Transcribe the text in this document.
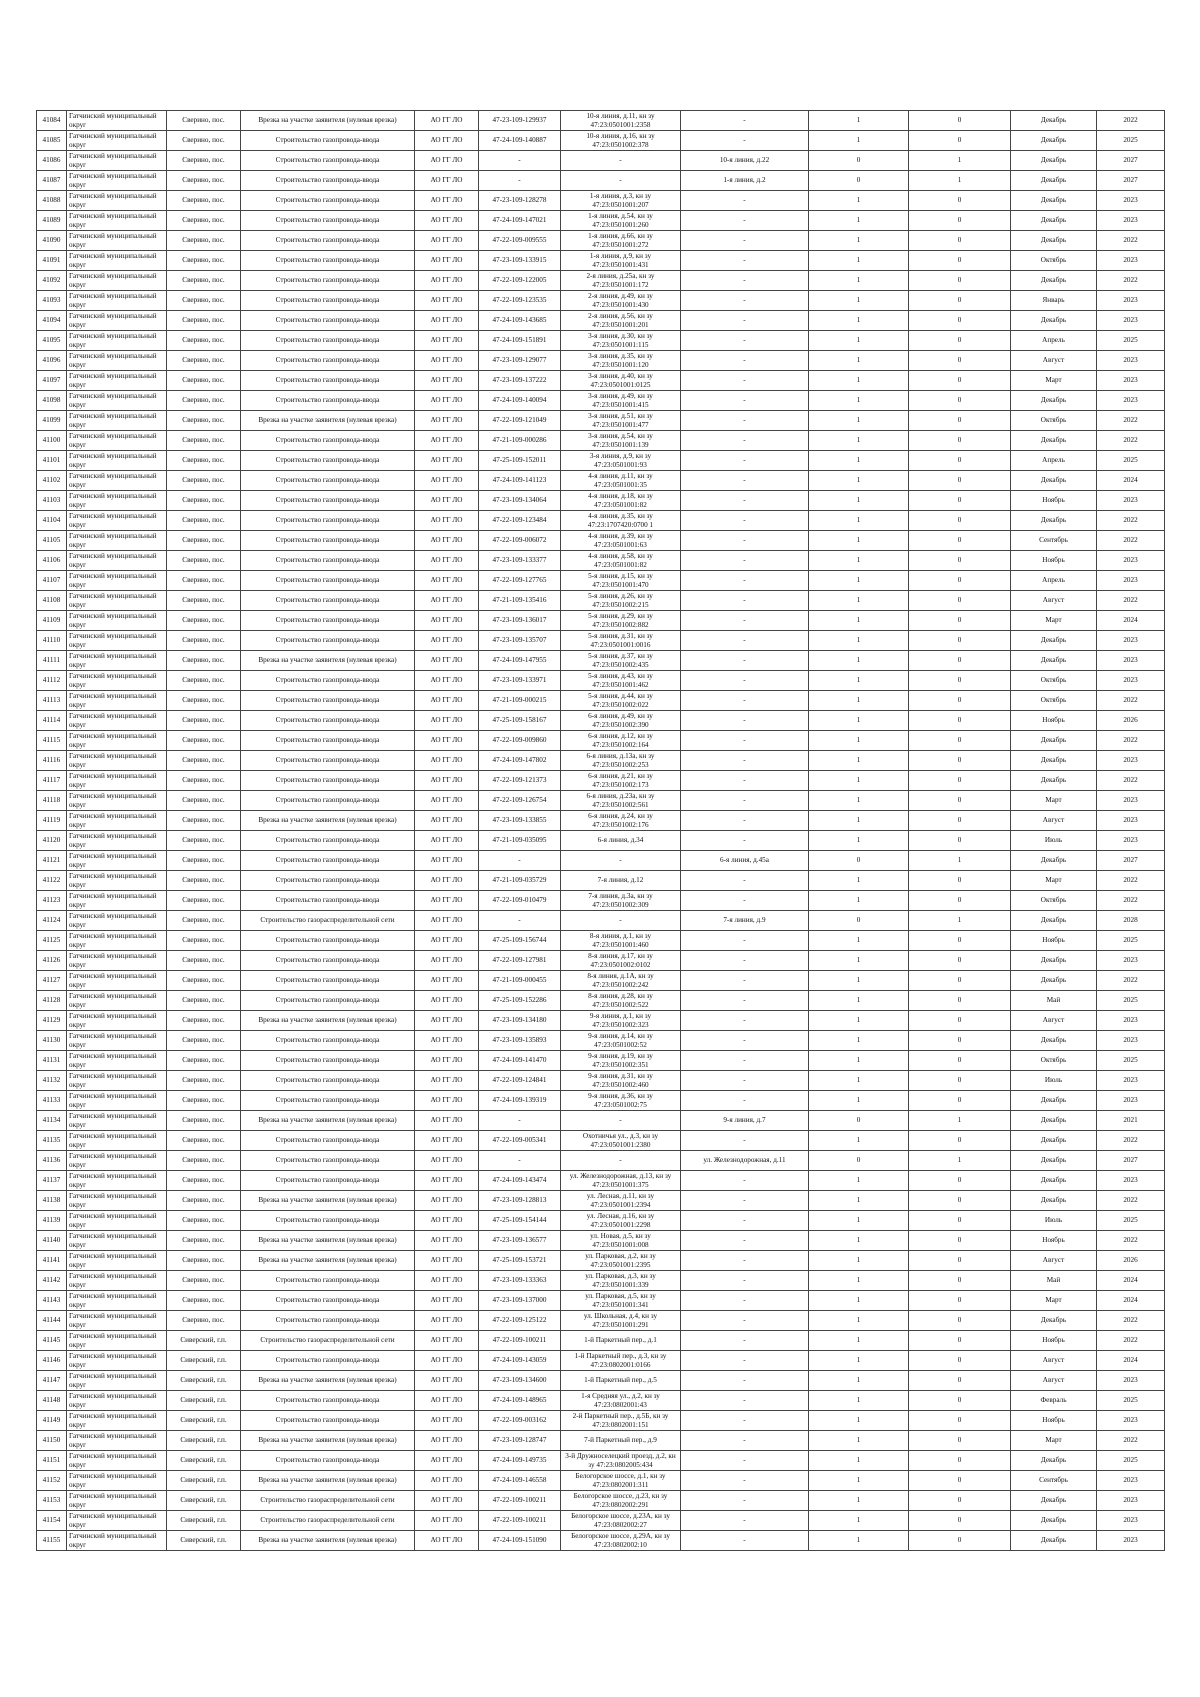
41084	Гатчинский муниципальный округ	Сверино, пос.	Врезка на участке заявителя (нулевая врезка)	АО ГГ ЛО	47-23-109-129937	10-я линия, д.11, кн зу 47:23:0501001:2358	-	1	0	Декабрь	2022
41085	Гатчинский муниципальный округ	Сверино, пос.	Строительство газопровода-ввода	АО ГГ ЛО	47-24-109-140887	10-я линия, д.16, кн зу 47:23:0501002:378	-	1	0	Декабрь	2025
41086	Гатчинский муниципальный округ	Сверино, пос.	Строительство газопровода-ввода	АО ГГ ЛО	-	-	10-я линия, д.22	0	1	Декабрь	2027
41087	Гатчинский муниципальный округ	Сверино, пос.	Строительство газопровода-ввода	АО ГГ ЛО	-	-	1-я линия, д.2	0	1	Декабрь	2027
41088	Гатчинский муниципальный округ	Сверино, пос.	Строительство газопровода-ввода	АО ГГ ЛО	47-23-109-128278	1-я линия, д.3, кн зу 47:23:0501001:207	-	1	0	Декабрь	2023
41089	Гатчинский муниципальный округ	Сверино, пос.	Строительство газопровода-ввода	АО ГГ ЛО	47-24-109-147021	1-я линия, д.54, кн зу 47:23:0501001:260	-	1	0	Декабрь	2023
41090	Гатчинский муниципальный округ	Сверино, пос.	Строительство газопровода-ввода	АО ГГ ЛО	47-22-109-009555	1-я линия, д.66, кн зу 47:23:0501001:272	-	1	0	Декабрь	2022
41091	Гатчинский муниципальный округ	Сверино, пос.	Строительство газопровода-ввода	АО ГГ ЛО	47-23-109-133915	1-я линия, д.9, кн зу 47:23:0501001:431	-	1	0	Октябрь	2023
41092	Гатчинский муниципальный округ	Сверино, пос.	Строительство газопровода-ввода	АО ГГ ЛО	47-22-109-122005	2-я линия, д.25а, кн зу 47:23:0501001:172	-	1	0	Декабрь	2022
41093	Гатчинский муниципальный округ	Сверино, пос.	Строительство газопровода-ввода	АО ГГ ЛО	47-22-109-123535	2-я линия, д.49, кн зу 47:23:0501001:430	-	1	0	Январь	2023
41094	Гатчинский муниципальный округ	Сверино, пос.	Строительство газопровода-ввода	АО ГГ ЛО	47-24-109-143685	2-я линия, д.56, кн зу 47:23:0501001:201	-	1	0	Декабрь	2023
41095	Гатчинский муниципальный округ	Сверино, пос.	Строительство газопровода-ввода	АО ГГ ЛО	47-24-109-151891	3-я линия, д.30, кн зу 47:23:0501001:115	-	1	0	Апрель	2025
41096	Гатчинский муниципальный округ	Сверино, пос.	Строительство газопровода-ввода	АО ГГ ЛО	47-23-109-129077	3-я линия, д.35, кн зу 47:23:0501001:120	-	1	0	Август	2023
41097	Гатчинский муниципальный округ	Сверино, пос.	Строительство газопровода-ввода	АО ГГ ЛО	47-23-109-137222	3-я линия, д.40, кн зу 47:23:0501001:0125	-	1	0	Март	2023
41098	Гатчинский муниципальный округ	Сверино, пос.	Строительство газопровода-ввода	АО ГГ ЛО	47-24-109-140094	3-я линия, д.49, кн зу 47:23:0501001:415	-	1	0	Декабрь	2023
41099	Гатчинский муниципальный округ	Сверино, пос.	Врезка на участке заявителя (нулевая врезка)	АО ГГ ЛО	47-22-109-121049	3-я линия, д.51, кн зу 47:23:0501001:477	-	1	0	Октябрь	2022
41100	Гатчинский муниципальный округ	Сверино, пос.	Строительство газопровода-ввода	АО ГГ ЛО	47-21-109-000286	3-я линия, д.54, кн зу 47:23:0501001:139	-	1	0	Декабрь	2022
41101	Гатчинский муниципальный округ	Сверино, пос.	Строительство газопровода-ввода	АО ГГ ЛО	47-25-109-152011	3-я линия, д.9, кн зу 47:23:0501001:93	-	1	0	Апрель	2025
41102	Гатчинский муниципальный округ	Сверино, пос.	Строительство газопровода-ввода	АО ГГ ЛО	47-24-109-141123	4-я линия, д.11, кн зу 47:23:0501001:35	-	1	0	Декабрь	2024
41103	Гатчинский муниципальный округ	Сверино, пос.	Строительство газопровода-ввода	АО ГГ ЛО	47-23-109-134064	4-я линия, д.18, кн зу 47:23:0501001:82	-	1	0	Ноябрь	2023
41104	Гатчинский муниципальный округ	Сверино, пос.	Строительство газопровода-ввода	АО ГГ ЛО	47-22-109-123484	4-я линия, д.35, кн зу 47:23:1707420:0700 1	-	1	0	Декабрь	2022
41105	Гатчинский муниципальный округ	Сверино, пос.	Строительство газопровода-ввода	АО ГГ ЛО	47-22-109-006072	4-я линия, д.39, кн зу 47:23:0501001:63	-	1	0	Сентябрь	2022
41106	Гатчинский муниципальный округ	Сверино, пос.	Строительство газопровода-ввода	АО ГГ ЛО	47-23-109-133377	4-я линия, д.58, кн зу 47:23:0501001:82	-	1	0	Ноябрь	2023
41107	Гатчинский муниципальный округ	Сверино, пос.	Строительство газопровода-ввода	АО ГГ ЛО	47-22-109-127765	5-я линия, д.15, кн зу 47:23:0501001:470	-	1	0	Апрель	2023
41108	Гатчинский муниципальный округ	Сверино, пос.	Строительство газопровода-ввода	АО ГГ ЛО	47-21-109-135416	5-я линия, д.26, кн зу 47:23:0501002:215	-	1	0	Август	2022
41109	Гатчинский муниципальный округ	Сверино, пос.	Строительство газопровода-ввода	АО ГГ ЛО	47-23-109-136017	5-я линия, д.29, кн зу 47:23:0501002:882	-	1	0	Март	2024
41110	Гатчинский муниципальный округ	Сверино, пос.	Строительство газопровода-ввода	АО ГГ ЛО	47-23-109-135707	5-я линия, д.31, кн зу 47:23:0501001:0016	-	1	0	Декабрь	2023
41111	Гатчинский муниципальный округ	Сверино, пос.	Врезка на участке заявителя (нулевая врезка)	АО ГГ ЛО	47-24-109-147955	5-я линия, д.37, кн зу 47:23:0501002:435	-	1	0	Декабрь	2023
41112	Гатчинский муниципальный округ	Сверино, пос.	Строительство газопровода-ввода	АО ГГ ЛО	47-23-109-133971	5-я линия, д.43, кн зу 47:23:0501001:462	-	1	0	Октябрь	2023
41113	Гатчинский муниципальный округ	Сверино, пос.	Строительство газопровода-ввода	АО ГГ ЛО	47-21-109-000215	5-я линия, д.44, кн зу 47:23:0501002:022	-	1	0	Октябрь	2022
41114	Гатчинский муниципальный округ	Сверино, пос.	Строительство газопровода-ввода	АО ГГ ЛО	47-25-109-158167	6-я линия, д.49, кн зу 47:23:0501002:390	-	1	0	Ноябрь	2026
41115	Гатчинский муниципальный округ	Сверино, пос.	Строительство газопровода-ввода	АО ГГ ЛО	47-22-109-009860	6-я линия, д.12, кн зу 47:23:0501002:164	-	1	0	Декабрь	2022
41116	Гатчинский муниципальный округ	Сверино, пос.	Строительство газопровода-ввода	АО ГГ ЛО	47-24-109-147802	6-я линия, д.13а, кн зу 47:23:0501002:253	-	1	0	Декабрь	2023
41117	Гатчинский муниципальный округ	Сверино, пос.	Строительство газопровода-ввода	АО ГГ ЛО	47-22-109-121373	6-я линия, д.21, кн зу 47:23:0501002:173	-	1	0	Декабрь	2022
41118	Гатчинский муниципальный округ	Сверино, пос.	Строительство газопровода-ввода	АО ГГ ЛО	47-22-109-126754	6-я линия, д.23а, кн зу 47:23:0501002:561	-	1	0	Март	2023
41119	Гатчинский муниципальный округ	Сверино, пос.	Врезка на участке заявителя (нулевая врезка)	АО ГГ ЛО	47-23-109-133855	6-я линия, д.24, кн зу 47:23:0501002:176	-	1	0	Август	2023
41120	Гатчинский муниципальный округ	Сверино, пос.	Строительство газопровода-ввода	АО ГГ ЛО	47-21-109-035095	6-я линия, д.34	-	1	0	Июль	2023
41121	Гатчинский муниципальный округ	Сверино, пос.	Строительство газопровода-ввода	АО ГГ ЛО	-	-	6-я линия, д.45а	0	1	Декабрь	2027
41122	Гатчинский муниципальный округ	Сверино, пос.	Строительство газопровода-ввода	АО ГГ ЛО	47-21-109-035729	7-я линия, д.12	-	1	0	Март	2022
41123	Гатчинский муниципальный округ	Сверино, пос.	Строительство газопровода-ввода	АО ГГ ЛО	47-22-109-010479	7-я линия, д.3а, кн зу 47:23:0501002:309	-	1	0	Октябрь	2022
41124	Гатчинский муниципальный округ	Сверино, пос.	Строительство газораспределительной сети	АО ГГ ЛО	-	-	7-я линия, д.9	0	1	Декабрь	2028
41125	Гатчинский муниципальный округ	Сверино, пос.	Строительство газопровода-ввода	АО ГГ ЛО	47-25-109-156744	8-я линия, д.1, кн зу 47:23:0501001:460	-	1	0	Ноябрь	2025
41126	Гатчинский муниципальный округ	Сверино, пос.	Строительство газопровода-ввода	АО ГГ ЛО	47-22-109-127981	8-я линия, д.17, кн зу 47:23:0501002:0102	-	1	0	Декабрь	2023
41127	Гатчинский муниципальный округ	Сверино, пос.	Строительство газопровода-ввода	АО ГГ ЛО	47-21-109-000455	8-я линия, д.1А, кн зу 47:23:0501002:242	-	1	0	Декабрь	2022
41128	Гатчинский муниципальный округ	Сверино, пос.	Строительство газопровода-ввода	АО ГГ ЛО	47-25-109-152286	8-я линия, д.28, кн зу 47:23:0501002:522	-	1	0	Май	2025
41129	Гатчинский муниципальный округ	Сверино, пос.	Врезка на участке заявителя (нулевая врезка)	АО ГГ ЛО	47-23-109-134180	9-я линия, д.1, кн зу 47:23:0501002:323	-	1	0	Август	2023
41130	Гатчинский муниципальный округ	Сверино, пос.	Строительство газопровода-ввода	АО ГГ ЛО	47-23-109-135893	9-я линия, д.14, кн зу 47:23:0501002:52	-	1	0	Декабрь	2023
41131	Гатчинский муниципальный округ	Сверино, пос.	Строительство газопровода-ввода	АО ГГ ЛО	47-24-109-141470	9-я линия, д.19, кн зу 47:23:0501002:351	-	1	0	Октябрь	2025
41132	Гатчинский муниципальный округ	Сверино, пос.	Строительство газопровода-ввода	АО ГГ ЛО	47-22-109-124841	9-я линия, д.31, кн зу 47:23:0501002:460	-	1	0	Июль	2023
41133	Гатчинский муниципальный округ	Сверино, пос.	Строительство газопровода-ввода	АО ГГ ЛО	47-24-109-139319	9-я линия, д.36, кн зу 47:23:0501002:75	-	1	0	Декабрь	2023
41134	Гатчинский муниципальный округ	Сверино, пос.	Врезка на участке заявителя (нулевая врезка)	АО ГГ ЛО	-	-	9-я линия, д.7	0	1	Декабрь	2021
41135	Гатчинский муниципальный округ	Сверино, пос.	Строительство газопровода-ввода	АО ГГ ЛО	47-22-109-005341	Охотничья ул., д.3, кн зу 47:23:0501001:2380	-	1	0	Декабрь	2022
41136	Гатчинский муниципальный округ	Сверино, пос.	Строительство газопровода-ввода	АО ГГ ЛО	-	-	ул. Железнодорожная, д.11	0	1	Декабрь	2027
41137	Гатчинский муниципальный округ	Сверино, пос.	Строительство газопровода-ввода	АО ГГ ЛО	47-24-109-143474	ул. Железнодорожная, д.13, кн зу 47:23:0501001:375	-	1	0	Декабрь	2023
41138	Гатчинский муниципальный округ	Сверино, пос.	Врезка на участке заявителя (нулевая врезка)	АО ГГ ЛО	47-23-109-128813	ул. Лесная, д.11, кн зу 47:23:0501001:2394	-	1	0	Декабрь	2022
41139	Гатчинский муниципальный округ	Сверино, пос.	Строительство газопровода-ввода	АО ГГ ЛО	47-25-109-154144	ул. Лесная, д.16, кн зу 47:23:0501001:2298	-	1	0	Июль	2025
41140	Гатчинский муниципальный округ	Сверино, пос.	Врезка на участке заявителя (нулевая врезка)	АО ГГ ЛО	47-23-109-136577	ул. Новая, д.5, кн зу 47:23:0501001:008	-	1	0	Ноябрь	2022
41141	Гатчинский муниципальный округ	Сверино, пос.	Врезка на участке заявителя (нулевая врезка)	АО ГГ ЛО	47-25-109-153721	ул. Парковая, д.2, кн зу 47:23:0501001:2395	-	1	0	Август	2026
41142	Гатчинский муниципальный округ	Сверино, пос.	Строительство газопровода-ввода	АО ГГ ЛО	47-23-109-133363	ул. Парковая, д.3, кн зу 47:23:0501001:339	-	1	0	Май	2024
41143	Гатчинский муниципальный округ	Сверино, пос.	Строительство газопровода-ввода	АО ГГ ЛО	47-23-109-137000	ул. Парковая, д.5, кн зу 47:23:0501001:341	-	1	0	Март	2024
41144	Гатчинский муниципальный округ	Сверино, пос.	Строительство газопровода-ввода	АО ГГ ЛО	47-22-109-125122	ул. Школьная, д.4, кн зу 47:23:0501001:291	-	1	0	Декабрь	2022
41145	Гатчинский муниципальный округ	Сиверский, г.п.	Строительство газораспределительной сети	АО ГГ ЛО	47-22-109-100211	1-й Паркетный пер., д.1	-	1	0	Ноябрь	2022
41146	Гатчинский муниципальный округ	Сиверский, г.п.	Строительство газопровода-ввода	АО ГГ ЛО	47-24-109-143059	1-й Паркетный пер., д.3, кн зу 47:23:0802001:0166	-	1	0	Август	2024
41147	Гатчинский муниципальный округ	Сиверский, г.п.	Врезка на участке заявителя (нулевая врезка)	АО ГГ ЛО	47-23-109-134600	1-й Паркетный пер., д.5	-	1	0	Август	2023
41148	Гатчинский муниципальный округ	Сиверский, г.п.	Строительство газопровода-ввода	АО ГГ ЛО	47-24-109-148965	1-я Средняя ул., д.2, кн зу 47:23:0802001:43	-	1	0	Февраль	2025
41149	Гатчинский муниципальный округ	Сиверский, г.п.	Строительство газопровода-ввода	АО ГГ ЛО	47-22-109-003162	2-й Паркетный пер., д.5Б, кн зу 47:23:0802001:151	-	1	0	Ноябрь	2023
41150	Гатчинский муниципальный округ	Сиверский, г.п.	Врезка на участке заявителя (нулевая врезка)	АО ГГ ЛО	47-23-109-128747	7-й Паркетный пер., д.9	-	1	0	Март	2022
41151	Гатчинский муниципальный округ	Сиверский, г.п.	Строительство газопровода-ввода	АО ГГ ЛО	47-24-109-149735	3-й Дружноселецкий проезд, д.2, кн зу 47:23:0802005:434	-	1	0	Декабрь	2025
41152	Гатчинский муниципальный округ	Сиверский, г.п.	Врезка на участке заявителя (нулевая врезка)	АО ГГ ЛО	47-24-109-146558	Белогорское шоссе, д.1, кн зу 47:23:0802001:311	-	1	0	Сентябрь	2023
41153	Гатчинский муниципальный округ	Сиверский, г.п.	Строительство газораспределительной сети	АО ГГ ЛО	47-22-109-100211	Белогорское шоссе, д.23, кн зу 47:23:0802002:291	-	1	0	Декабрь	2023
41154	Гатчинский муниципальный округ	Сиверский, г.п.	Строительство газораспределительной сети	АО ГГ ЛО	47-22-109-100211	Белогорское шоссе, д.23А, кн зу 47:23:0802002:27	-	1	0	Декабрь	2023
41155	Гатчинский муниципальный округ	Сиверский, г.п.	Врезка на участке заявителя (нулевая врезка)	АО ГГ ЛО	47-24-109-151090	Белогорское шоссе, д.29А, кн зу 47:23:0802002:10	-	1	0	Декабрь	2023
